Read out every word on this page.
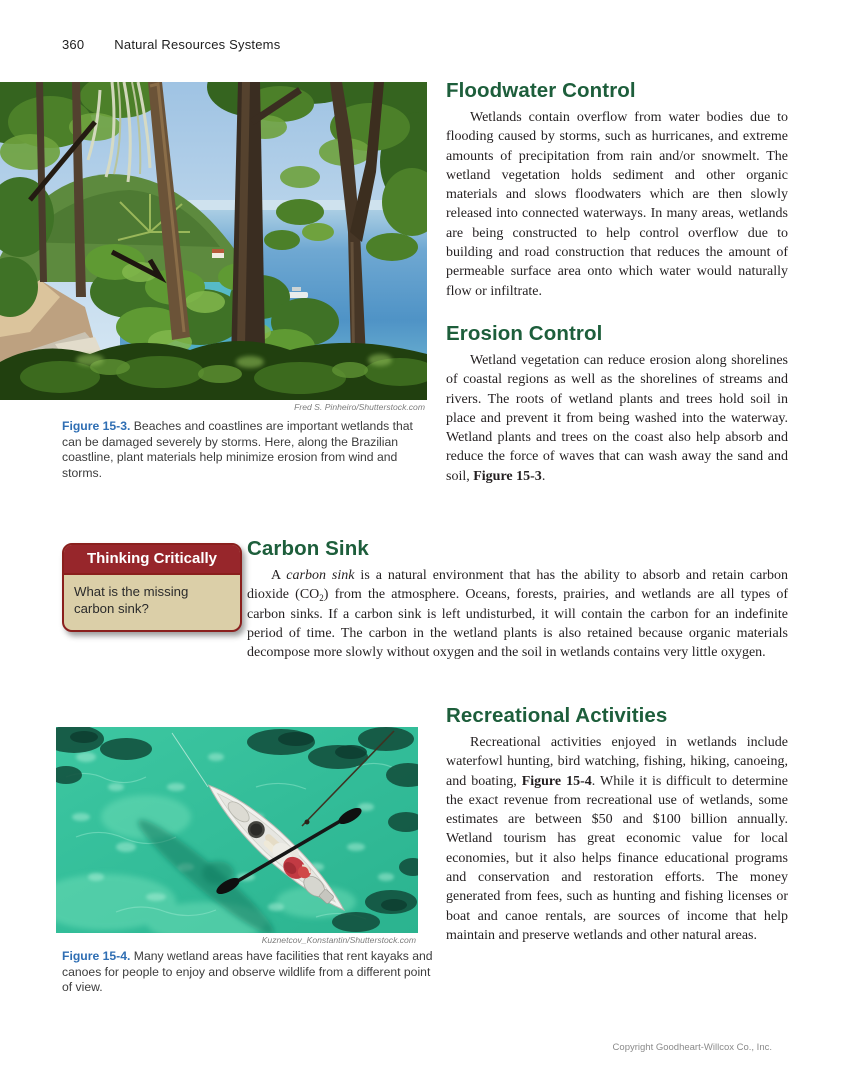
360 Natural Resources Systems
Fred S. Pinheiro/Shutterstock.com
Figure 15-3. Beaches and coastlines are important wetlands that can be damaged severely by storms. Here, along the Brazilian coastline, plant materials help minimize erosion from wind and storms.
Floodwater Control

Wetlands contain overflow from water bodies due to flooding caused by storms, such as hurricanes, and extreme amounts of precipitation from rain and/or snowmelt. The wetland vegetation holds sediment and other organic materials and slows floodwaters which are then slowly released into connected waterways. In many areas, wetlands are being constructed to help control overflow due to building and road construction that reduces the amount of permeable surface area onto which water would naturally flow or infiltrate.

Erosion Control

Wetland vegetation can reduce erosion along shorelines of coastal regions as well as the shorelines of streams and rivers. The roots of wetland plants and trees hold soil in place and prevent it from being washed into the waterway. Wetland plants and trees on the coast also help absorb and reduce the force of waves that can wash away the sand and soil, Figure 15-3.

Thinking Critically
What is the missing carbon sink?
Carbon Sink

A carbon sink is a natural environment that has the ability to absorb and retain carbon dioxide $(CO_2)$ from the atmosphere. Oceans, forests, prairies, and wetlands are all types of carbon sinks. If a carbon sink is left undisturbed, it will contain the carbon for an indefinite period of time. The carbon in the wetland plants is also retained because organic materials decompose more slowly without oxygen and the soil in wetlands contains very little oxygen.

Recreational Activities

Recreational activities enjoyed in wetlands include waterfowl hunting, bird watching, fishing, hiking, canoeing, and boating, Figure 15-4. While it is difficult to determine the exact revenue from recreational use of wetlands, some estimates are between $50 and $100 billion annually. Wetland tourism has great economic value for local economies, but it also helps finance educational programs and conservation and restoration efforts. The money generated from fees, such as hunting and fishing licenses or boat and canoe rentals, are sources of income that help maintain and preserve wetlands and other natural areas.

Kuznetcov_Konstantin/Shutterstock.com
Figure 15-4. Many wetland areas have facilities that rent kayaks and canoes for people to enjoy and observe wildlife from a different point of view.
Copyright Goodheart-Willcox Co., Inc.
